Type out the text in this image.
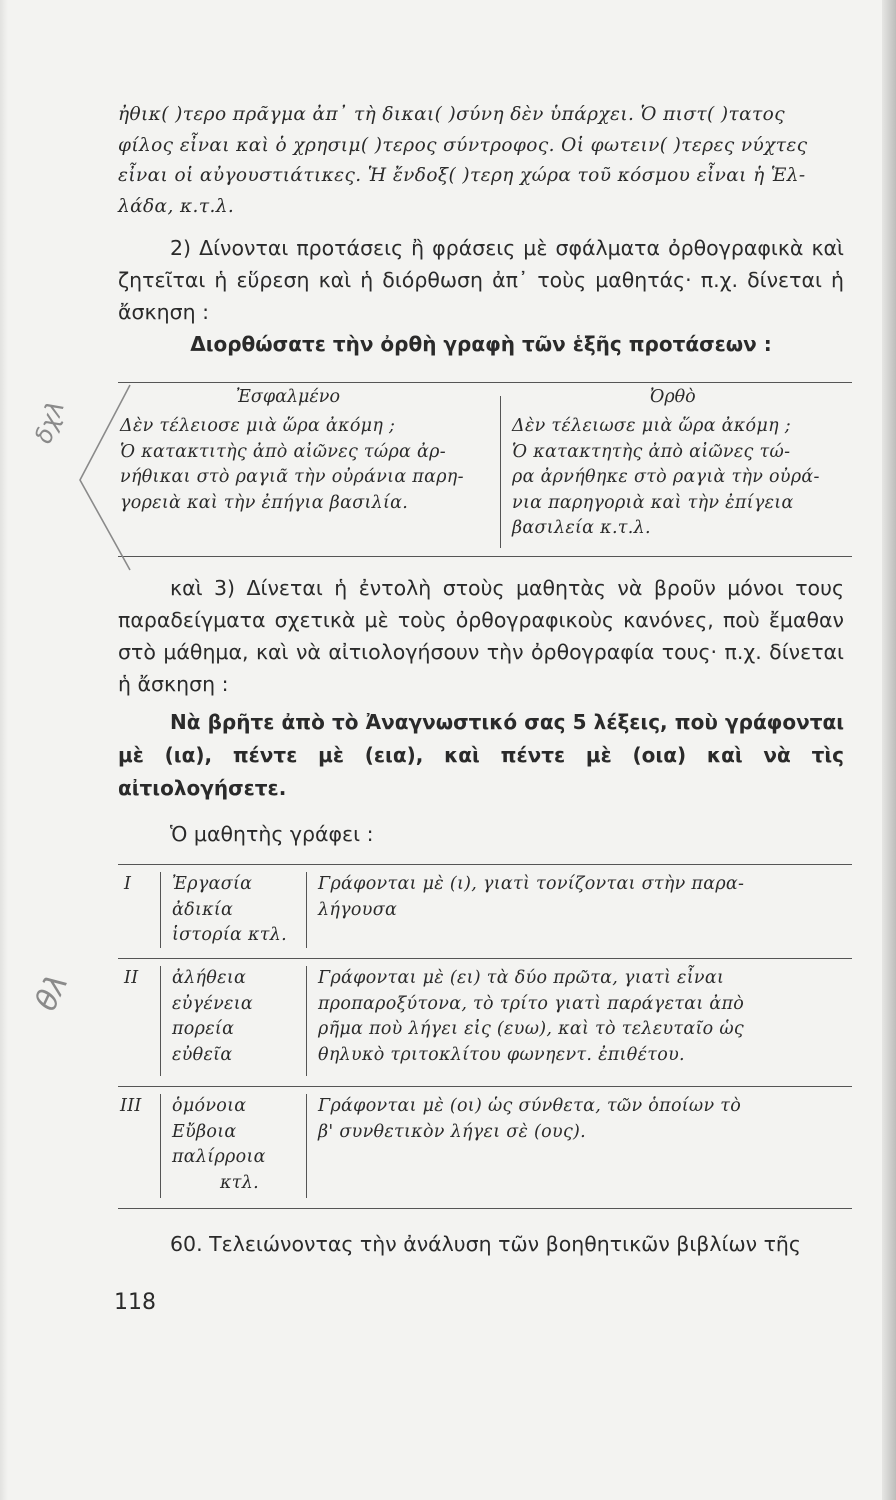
ἠθικ( )τερο πρᾶγμα ἀπ᾽ τὴ δικαι( )σύνη δὲν ὑπάρχει. Ὁ πιστ( )τατος
φίλος εἶναι καὶ ὁ χρησιμ( )τερος σύντροφος. Οἱ φωτειν( )τερες νύχτες
εἶναι οἱ αὐγουστιάτικες. Ἡ ἔνδοξ( )τερη χώρα τοῦ κόσμου εἶναι ἡ Ἑλ-
λάδα, κ.τ.λ.

2) Δίνονται προτάσεις ἢ φράσεις μὲ σφάλματα ὀρθογραφικὰ καὶ ζητεῖται ἡ εὕρεση καὶ ἡ διόρθωση ἀπ᾽ τοὺς μαθητάς· π.χ. δίνεται ἡ ἄσκηση :

Διορθώσατε τὴν ὀρθὴ γραφὴ τῶν ἑξῆς προτάσεων :

Ἐσφαλμένο	Ὀρθὸ
Δὲν τέλειοσε μιὰ ὥρα ἀκόμη ;
Ὁ κατακτιτὴς ἀπὸ αἰῶνες τώρα ἀρ-
νήθικαι στὸ ραγιᾶ τὴν οὐράνια παρη-
γορειὰ καὶ τὴν ἐπήγια βασιλία.
Δὲν τέλειωσε μιὰ ὥρα ἀκόμη ;
Ὁ κατακτητὴς ἀπὸ αἰῶνες τώ-
ρα ἀρνήθηκε στὸ ραγιὰ τὴν οὐρά-
νια παρηγοριὰ καὶ τὴν ἐπίγεια
βασιλεία κ.τ.λ.

καὶ 3) Δίνεται ἡ ἐντολὴ στοὺς μαθητὰς νὰ βροῦν μόνοι τους παραδείγματα σχετικὰ μὲ τοὺς ὀρθογραφικοὺς κανόνες, ποὺ ἔμαθαν στὸ μάθημα, καὶ νὰ αἰτιολογήσουν τὴν ὀρθογραφία τους· π.χ. δίνεται ἡ ἄσκηση :

Νὰ βρῆτε ἀπὸ τὸ Ἀναγνωστικό σας 5 λέξεις, ποὺ γράφονται μὲ (ια), πέντε μὲ (εια), καὶ πέντε μὲ (οια) καὶ νὰ τὶς αἰτιολογήσετε.

Ὁ μαθητὴς γράφει :

I Ἐργασία
ἀδικία
ἱστορία κτλ.
Γράφονται μὲ (ι), γιατὶ τονίζονται στὴν παρα-
λήγουσα
II ἀλήθεια
εὐγένεια
πορεία
εὐθεῖα
Γράφονται μὲ (ει) τὰ δύο πρῶτα, γιατὶ εἶναι
προπαροξύτονα, τὸ τρίτο γιατὶ παράγεται ἀπὸ
ρῆμα ποὺ λήγει εἰς (ευω), καὶ τὸ τελευταῖο ὡς
θηλυκὸ τριτοκλίτου φωνηεντ. ἐπιθέτου.
III ὁμόνοια
Εὔβοια
παλίρροια
κτλ.
Γράφονται μὲ (οι) ὡς σύνθετα, τῶν ὁποίων τὸ
β' συνθετικὸν λήγει σὲ (ους).

60. Τελειώνοντας τὴν ἀνάλυση τῶν βοηθητικῶν βιβλίων τῆς

118
δχλ
θλ
